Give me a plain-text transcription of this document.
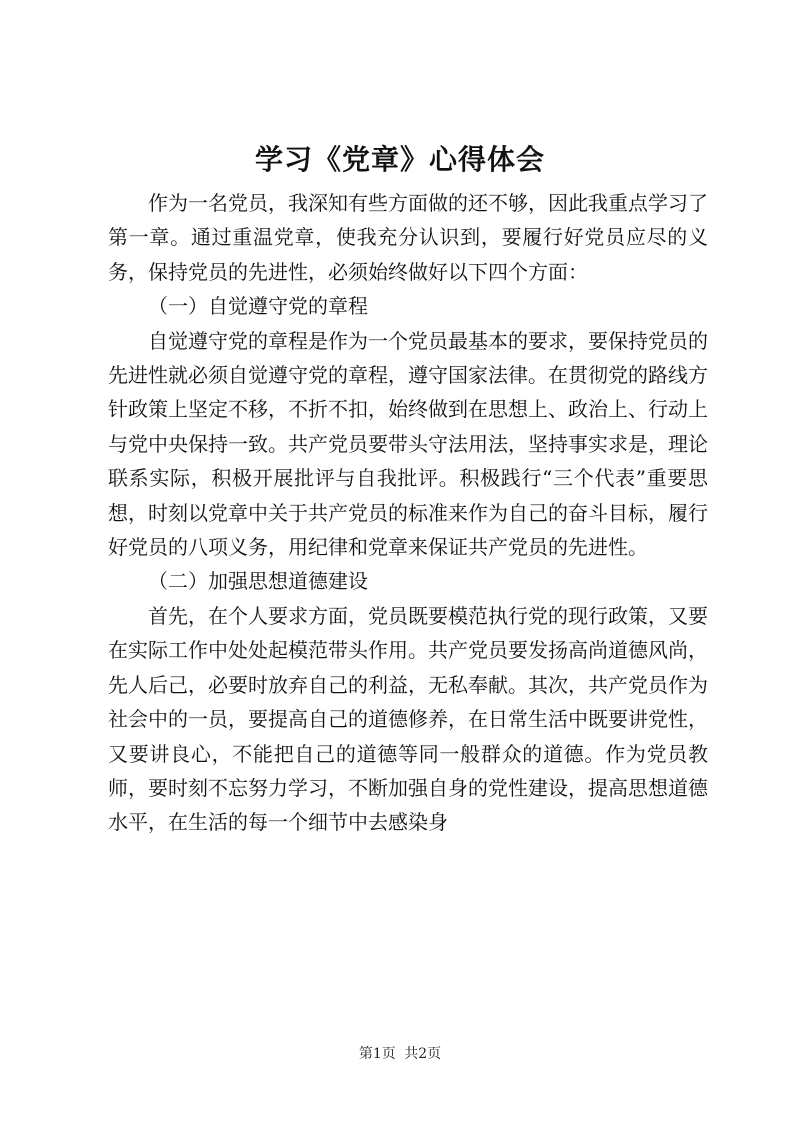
学习《党章》心得体会

作为一名党员，我深知有些方面做的还不够，因此我重点学习了第一章。通过重温党章，使我充分认识到，要履行好党员应尽的义务，保持党员的先进性，必须始终做好以下四个方面：

（一）自觉遵守党的章程

自觉遵守党的章程是作为一个党员最基本的要求，要保持党员的先进性就必须自觉遵守党的章程，遵守国家法律。在贯彻党的路线方针政策上坚定不移，不折不扣，始终做到在思想上、政治上、行动上与党中央保持一致。共产党员要带头守法用法，坚持事实求是，理论联系实际，积极开展批评与自我批评。积极践行“三个代表”重要思想，时刻以党章中关于共产党员的标准来作为自己的奋斗目标，履行好党员的八项义务，用纪律和党章来保证共产党员的先进性。

（二）加强思想道德建设

首先，在个人要求方面，党员既要模范执行党的现行政策，又要在实际工作中处处起模范带头作用。共产党员要发扬高尚道德风尚，先人后己，必要时放弃自己的利益，无私奉献。其次，共产党员作为社会中的一员，要提高自己的道德修养，在日常生活中既要讲党性，又要讲良心，不能把自己的道德等同一般群众的道德。作为党员教师，要时刻不忘努力学习，不断加强自身的党性建设，提高思想道德水平，在生活的每一个细节中去感染身

第1页 共2页
